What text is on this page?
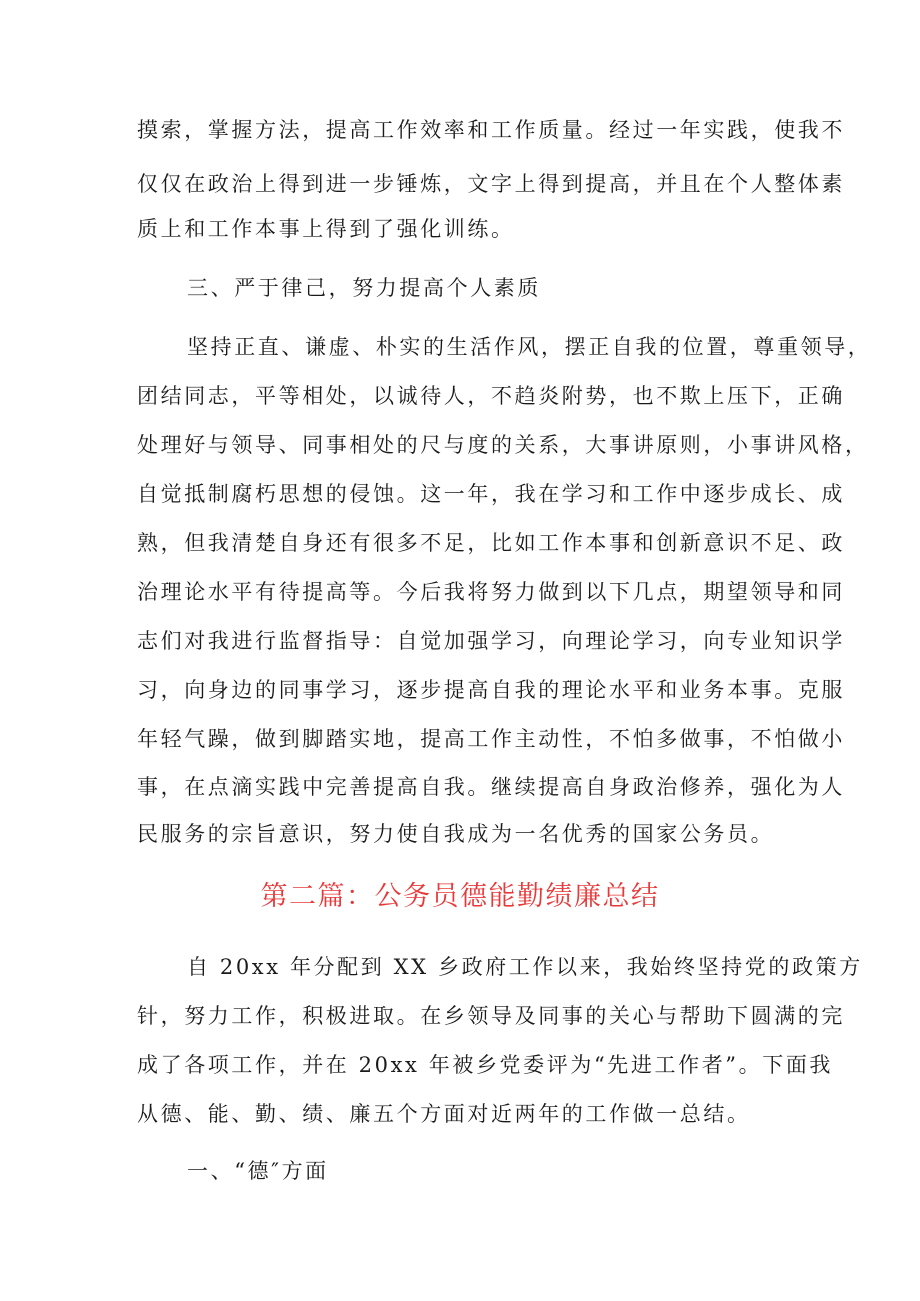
摸索，掌握方法，提高工作效率和工作质量。经过一年实践，使我不
仅仅在政治上得到进一步锤炼，文字上得到提高，并且在个人整体素
质上和工作本事上得到了强化训练。
三、严于律己，努力提高个人素质
坚持正直、谦虚、朴实的生活作风，摆正自我的位置，尊重领导，
团结同志，平等相处，以诚待人，不趋炎附势，也不欺上压下，正确
处理好与领导、同事相处的尺与度的关系，大事讲原则，小事讲风格，
自觉抵制腐朽思想的侵蚀。这一年，我在学习和工作中逐步成长、成
熟，但我清楚自身还有很多不足，比如工作本事和创新意识不足、政
治理论水平有待提高等。今后我将努力做到以下几点，期望领导和同
志们对我进行监督指导：自觉加强学习，向理论学习，向专业知识学
习，向身边的同事学习，逐步提高自我的理论水平和业务本事。克服
年轻气躁，做到脚踏实地，提高工作主动性，不怕多做事，不怕做小
事，在点滴实践中完善提高自我。继续提高自身政治修养，强化为人
民服务的宗旨意识，努力使自我成为一名优秀的国家公务员。
第二篇：公务员德能勤绩廉总结
自 20xx 年分配到 XX 乡政府工作以来，我始终坚持党的政策方
针，努力工作，积极进取。在乡领导及同事的关心与帮助下圆满的完
成了各项工作，并在 20xx 年被乡党委评为“先进工作者”。下面我
从德、能、勤、绩、廉五个方面对近两年的工作做一总结。
一、“德″方面
